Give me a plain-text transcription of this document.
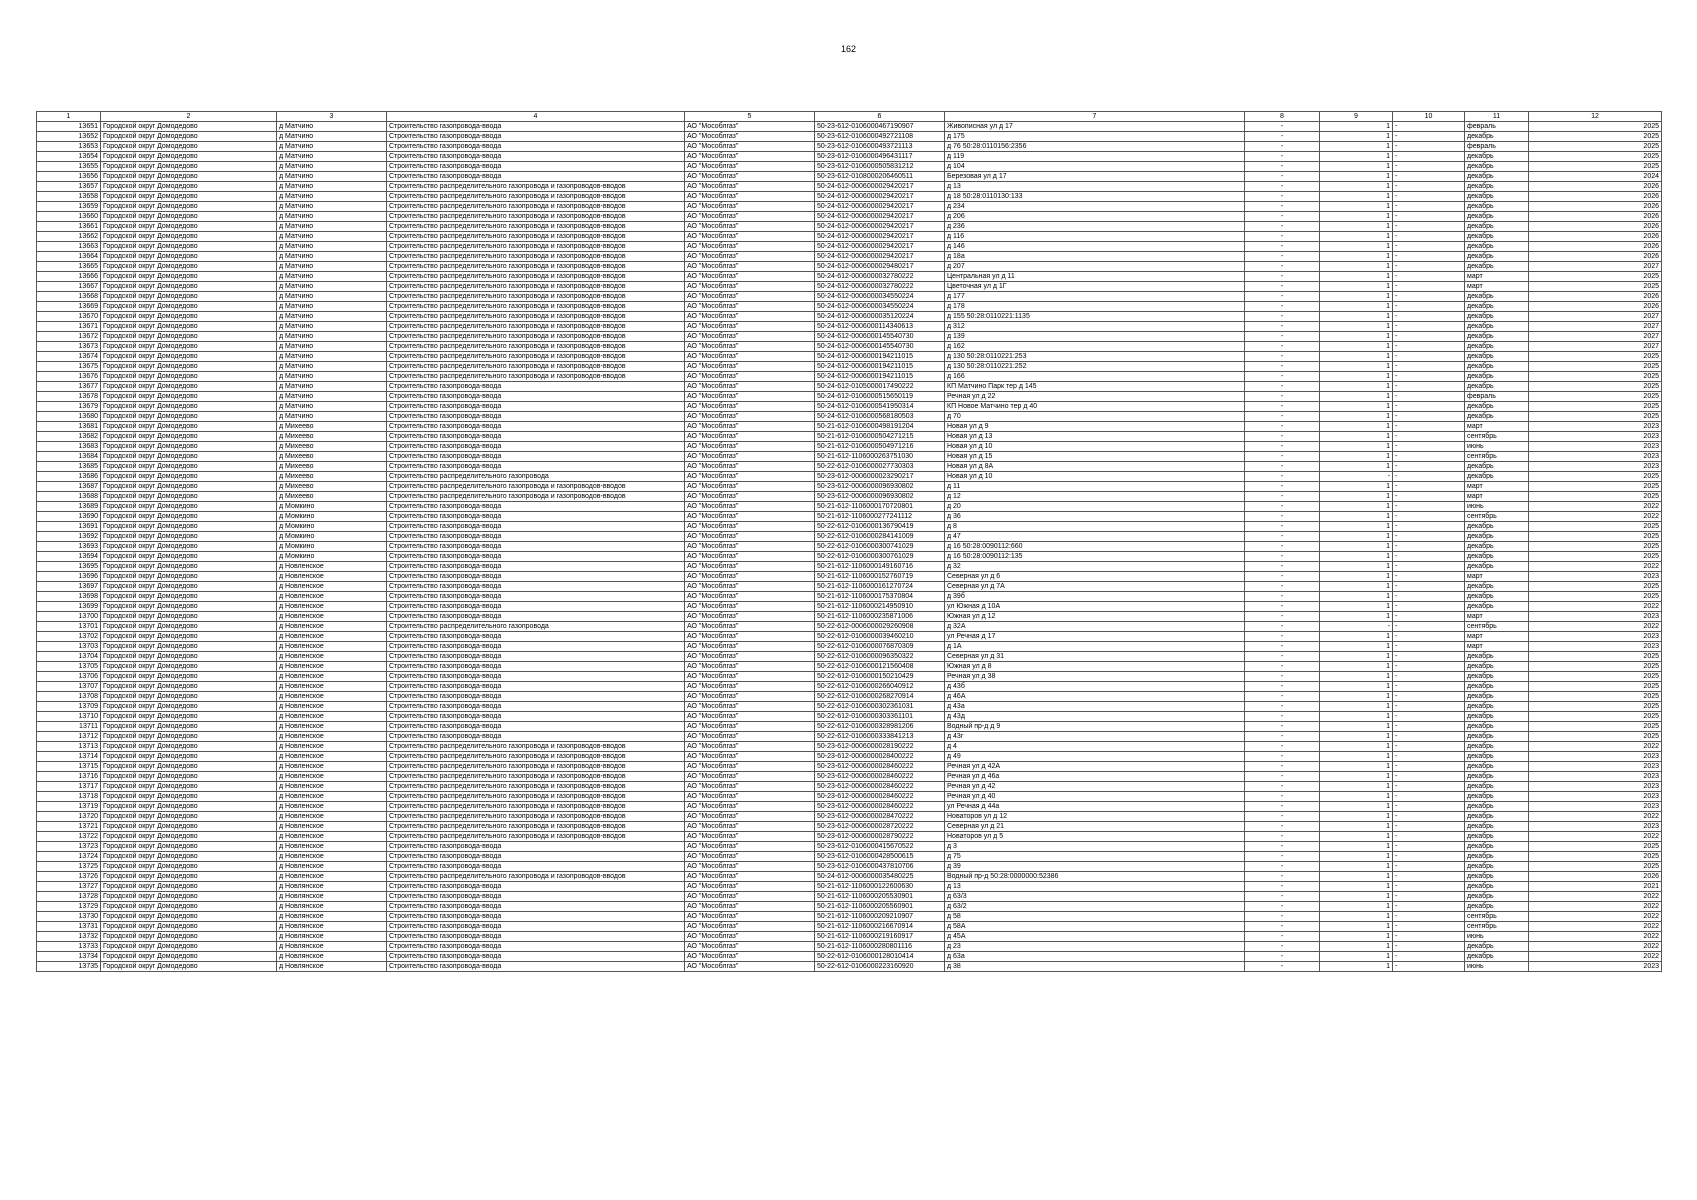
162
1	2	3	4	5	6	7	8	9	10	11	12
13651	Городской округ Домодедово	д Матчино	Строительство газопровода-ввода	АО "Мособлгаз"	50-23-612-0106000467190907	Живописная ул д 17	-	1	-	февраль	2025
13652	Городской округ Домодедово	д Матчино	Строительство газопровода-ввода	АО "Мособлгаз"	50-23-612-0106000492721108	д 175	-	1	-	декабрь	2025
13653	Городской округ Домодедово	д Матчино	Строительство газопровода-ввода	АО "Мособлгаз"	50-23-612-0106000493721113	д 76 50:28:0110156:2356	-	1	-	февраль	2025
13654	Городской округ Домодедово	д Матчино	Строительство газопровода-ввода	АО "Мособлгаз"	50-23-612-0106000496431117	д 119	-	1	-	декабрь	2025
13655	Городской округ Домодедово	д Матчино	Строительство газопровода-ввода	АО "Мособлгаз"	50-23-612-0106000505831212	д 104	-	1	-	декабрь	2025
13656	Городской округ Домодедово	д Матчино	Строительство газопровода-ввода	АО "Мособлгаз"	50-23-612-0108000206460511	Березовая ул д 17	-	1	-	декабрь	2024
13657	Городской округ Домодедово	д Матчино	Строительство распределительного газопровода и газопроводов-вводов	АО "Мособлгаз"	50-24-612-0006000029420217	д 13	-	1	-	декабрь	2026
13658	Городской округ Домодедово	д Матчино	Строительство распределительного газопровода и газопроводов-вводов	АО "Мособлгаз"	50-24-612-0006000029420217	д 18 50:28:0110130:133	-	1	-	декабрь	2026
13659	Городской округ Домодедово	д Матчино	Строительство распределительного газопровода и газопроводов-вводов	АО "Мособлгаз"	50-24-612-0006000029420217	д 234	-	1	-	декабрь	2026
13660	Городской округ Домодедово	д Матчино	Строительство распределительного газопровода и газопроводов-вводов	АО "Мособлгаз"	50-24-612-0006000029420217	д 206	-	1	-	декабрь	2026
13661	Городской округ Домодедово	д Матчино	Строительство распределительного газопровода и газопроводов-вводов	АО "Мособлгаз"	50-24-612-0006000029420217	д 236	-	1	-	декабрь	2026
13662	Городской округ Домодедово	д Матчино	Строительство распределительного газопровода и газопроводов-вводов	АО "Мособлгаз"	50-24-612-0006000029420217	д 116	-	1	-	декабрь	2026
13663	Городской округ Домодедово	д Матчино	Строительство распределительного газопровода и газопроводов-вводов	АО "Мособлгаз"	50-24-612-0006000029420217	д 146	-	1	-	декабрь	2026
13664	Городской округ Домодедово	д Матчино	Строительство распределительного газопровода и газопроводов-вводов	АО "Мособлгаз"	50-24-612-0006000029420217	д 18а	-	1	-	декабрь	2026
13665	Городской округ Домодедово	д Матчино	Строительство распределительного газопровода и газопроводов-вводов	АО "Мособлгаз"	50-24-612-0006000029480217	д 207	-	1	-	декабрь	2027
13666	Городской округ Домодедово	д Матчино	Строительство распределительного газопровода и газопроводов-вводов	АО "Мособлгаз"	50-24-612-0006000032780222	Центральная ул д 11	-	1	-	март	2025
13667	Городской округ Домодедово	д Матчино	Строительство распределительного газопровода и газопроводов-вводов	АО "Мособлгаз"	50-24-612-0006000032780222	Цветочная ул д 1Г	-	1	-	март	2025
13668	Городской округ Домодедово	д Матчино	Строительство распределительного газопровода и газопроводов-вводов	АО "Мособлгаз"	50-24-612-0006000034550224	д 177	-	1	-	декабрь	2026
13669	Городской округ Домодедово	д Матчино	Строительство распределительного газопровода и газопроводов-вводов	АО "Мособлгаз"	50-24-612-0006000034550224	д 178	-	1	-	декабрь	2026
13670	Городской округ Домодедово	д Матчино	Строительство распределительного газопровода и газопроводов-вводов	АО "Мособлгаз"	50-24-612-0006000035120224	д 155 50:28:0110221:1135	-	1	-	декабрь	2027
13671	Городской округ Домодедово	д Матчино	Строительство распределительного газопровода и газопроводов-вводов	АО "Мособлгаз"	50-24-612-0006000114340613	д 312	-	1	-	декабрь	2027
13672	Городской округ Домодедово	д Матчино	Строительство распределительного газопровода и газопроводов-вводов	АО "Мособлгаз"	50-24-612-0006000145540730	д 139	-	1	-	декабрь	2027
13673	Городской округ Домодедово	д Матчино	Строительство распределительного газопровода и газопроводов-вводов	АО "Мособлгаз"	50-24-612-0006000145540730	д 162	-	1	-	декабрь	2027
13674	Городской округ Домодедово	д Матчино	Строительство распределительного газопровода и газопроводов-вводов	АО "Мособлгаз"	50-24-612-0006000194211015	д 130 50:28:0110221:253	-	1	-	декабрь	2025
13675	Городской округ Домодедово	д Матчино	Строительство распределительного газопровода и газопроводов-вводов	АО "Мособлгаз"	50-24-612-0006000194211015	д 130 50:28:0110221:252	-	1	-	декабрь	2025
13676	Городской округ Домодедово	д Матчино	Строительство распределительного газопровода и газопроводов-вводов	АО "Мособлгаз"	50-24-612-0006000194211015	д 166	-	1	-	декабрь	2025
13677	Городской округ Домодедово	д Матчино	Строительство газопровода-ввода	АО "Мособлгаз"	50-24-612-0105000017490222	КП Матчино Парк тер д 145	-	1	-	декабрь	2025
13678	Городской округ Домодедово	д Матчино	Строительство газопровода-ввода	АО "Мособлгаз"	50-24-612-0106000515650119	Речная ул д 22	-	1	-	февраль	2025
13679	Городской округ Домодедово	д Матчино	Строительство газопровода-ввода	АО "Мособлгаз"	50-24-612-0106000541950314	КП Новое Матчино тер д 40	-	1	-	декабрь	2025
13680	Городской округ Домодедово	д Матчино	Строительство газопровода-ввода	АО "Мособлгаз"	50-24-612-0106000568180503	д 70	-	1	-	декабрь	2025
13681	Городской округ Домодедово	д Михеево	Строительство газопровода-ввода	АО "Мособлгаз"	50-21-612-0106000498191204	Новая ул д 9	-	1	-	март	2023
13682	Городской округ Домодедово	д Михеево	Строительство газопровода-ввода	АО "Мособлгаз"	50-21-612-0106000504271215	Новая ул д 13	-	1	-	сентябрь	2023
13683	Городской округ Домодедово	д Михеево	Строительство газопровода-ввода	АО "Мособлгаз"	50-21-612-0106000504971216	Новая ул д 10	-	1	-	июнь	2023
13684	Городской округ Домодедово	д Михеево	Строительство газопровода-ввода	АО "Мособлгаз"	50-21-612-1106000263751030	Новая ул д 15	-	1	-	сентябрь	2023
13685	Городской округ Домодедово	д Михеево	Строительство газопровода-ввода	АО "Мособлгаз"	50-22-612-0106000027730303	Новая ул д 8А	-	1	-	декабрь	2023
13686	Городской округ Домодедово	д Михеево	Строительство распределительного газопровода	АО "Мособлгаз"	50-23-612-0006000023290217	Новая ул д 10	-	-	-	декабрь	2025
13687	Городской округ Домодедово	д Михеево	Строительство распределительного газопровода и газопроводов-вводов	АО "Мособлгаз"	50-23-612-0006000096930802	д 11	-	1	-	март	2025
13688	Городской округ Домодедово	д Михеево	Строительство распределительного газопровода и газопроводов-вводов	АО "Мособлгаз"	50-23-612-0006000096930802	д 12	-	1	-	март	2025
13689	Городской округ Домодедово	д Момкино	Строительство газопровода-ввода	АО "Мособлгаз"	50-21-612-1106000170720801	д 20	-	1	-	июнь	2022
13690	Городской округ Домодедово	д Момкино	Строительство газопровода-ввода	АО "Мособлгаз"	50-21-612-1106000277241112	д 36	-	1	-	сентябрь	2022
13691	Городской округ Домодедово	д Момкино	Строительство газопровода-ввода	АО "Мособлгаз"	50-22-612-0106000136790419	д 8	-	1	-	декабрь	2025
13692	Городской округ Домодедово	д Момкино	Строительство газопровода-ввода	АО "Мособлгаз"	50-22-612-0106000284141009	д 47	-	1	-	декабрь	2025
13693	Городской округ Домодедово	д Момкино	Строительство газопровода-ввода	АО "Мособлгаз"	50-22-612-0106000300741029	д 16 50:28:0090112:660	-	1	-	декабрь	2025
13694	Городской округ Домодедово	д Момкино	Строительство газопровода-ввода	АО "Мособлгаз"	50-22-612-0106000300761029	д 16 50:28:0090112:135	-	1	-	декабрь	2025
13695	Городской округ Домодедово	д Новленское	Строительство газопровода-ввода	АО "Мособлгаз"	50-21-612-1106000149160716	д 32	-	1	-	декабрь	2022
13696	Городской округ Домодедово	д Новленское	Строительство газопровода-ввода	АО "Мособлгаз"	50-21-612-1106000152760719	Северная ул д 6	-	1	-	март	2023
13697	Городской округ Домодедово	д Новленское	Строительство газопровода-ввода	АО "Мособлгаз"	50-21-612-1106000161270724	Северная ул д 7А	-	1	-	декабрь	2025
13698	Городской округ Домодедово	д Новленское	Строительство газопровода-ввода	АО "Мособлгаз"	50-21-612-1106000175370804	д 39б	-	1	-	декабрь	2025
13699	Городской округ Домодедово	д Новленское	Строительство газопровода-ввода	АО "Мособлгаз"	50-21-612-1106000214950910	ул Южная д 10А	-	1	-	декабрь	2022
13700	Городской округ Домодедово	д Новленское	Строительство газопровода-ввода	АО "Мособлгаз"	50-21-612-1106000235871006	Южная ул д 12	-	1	-	март	2023
13701	Городской округ Домодедово	д Новленское	Строительство распределительного газопровода	АО "Мособлгаз"	50-22-612-0006000029260908	д 32А	-	-	-	сентябрь	2022
13702	Городской округ Домодедово	д Новленское	Строительство газопровода-ввода	АО "Мособлгаз"	50-22-612-0106000039460210	ул Речная д 17	-	1	-	март	2023
13703	Городской округ Домодедово	д Новленское	Строительство газопровода-ввода	АО "Мособлгаз"	50-22-612-0106000076870309	д 1А	-	1	-	март	2023
13704	Городской округ Домодедово	д Новленское	Строительство газопровода-ввода	АО "Мособлгаз"	50-22-612-0106000096350322	Северная ул д 31	-	1	-	декабрь	2025
13705	Городской округ Домодедово	д Новленское	Строительство газопровода-ввода	АО "Мособлгаз"	50-22-612-0106000121560408	Южная ул д 8	-	1	-	декабрь	2025
13706	Городской округ Домодедово	д Новленское	Строительство газопровода-ввода	АО "Мособлгаз"	50-22-612-0106000150210429	Речная ул д 38	-	1	-	декабрь	2025
13707	Городской округ Домодедово	д Новленское	Строительство газопровода-ввода	АО "Мособлгаз"	50-22-612-0106000266040912	д 43б	-	1	-	декабрь	2025
13708	Городской округ Домодедово	д Новленское	Строительство газопровода-ввода	АО "Мособлгаз"	50-22-612-0106000268270914	д 46А	-	1	-	декабрь	2025
13709	Городской округ Домодедово	д Новленское	Строительство газопровода-ввода	АО "Мособлгаз"	50-22-612-0106000302361031	д 43а	-	1	-	декабрь	2025
13710	Городской округ Домодедово	д Новленское	Строительство газопровода-ввода	АО "Мособлгаз"	50-22-612-0106000303361101	д 43д	-	1	-	декабрь	2025
13711	Городской округ Домодедово	д Новленское	Строительство газопровода-ввода	АО "Мособлгаз"	50-22-612-0106000328981206	Водный пр-д д 9	-	1	-	декабрь	2025
13712	Городской округ Домодедово	д Новленское	Строительство газопровода-ввода	АО "Мособлгаз"	50-22-612-0106000333841213	д 43г	-	1	-	декабрь	2025
13713	Городской округ Домодедово	д Новленское	Строительство распределительного газопровода и газопроводов-вводов	АО "Мособлгаз"	50-23-612-0006000028190222	д 4	-	1	-	декабрь	2022
13714	Городской округ Домодедово	д Новленское	Строительство распределительного газопровода и газопроводов-вводов	АО "Мособлгаз"	50-23-612-0006000028400222	д 49	-	1	-	декабрь	2023
13715	Городской округ Домодедово	д Новленское	Строительство распределительного газопровода и газопроводов-вводов	АО "Мособлгаз"	50-23-612-0006000028460222	Речная ул д 42А	-	1	-	декабрь	2023
13716	Городской округ Домодедово	д Новленское	Строительство распределительного газопровода и газопроводов-вводов	АО "Мособлгаз"	50-23-612-0006000028460222	Речная ул д 46а	-	1	-	декабрь	2023
13717	Городской округ Домодедово	д Новленское	Строительство распределительного газопровода и газопроводов-вводов	АО "Мособлгаз"	50-23-612-0006000028460222	Речная ул д 42	-	1	-	декабрь	2023
13718	Городской округ Домодедово	д Новленское	Строительство распределительного газопровода и газопроводов-вводов	АО "Мособлгаз"	50-23-612-0006000028460222	Речная ул д 40	-	1	-	декабрь	2023
13719	Городской округ Домодедово	д Новленское	Строительство распределительного газопровода и газопроводов-вводов	АО "Мособлгаз"	50-23-612-0006000028460222	ул Речная д 44а	-	1	-	декабрь	2023
13720	Городской округ Домодедово	д Новленское	Строительство распределительного газопровода и газопроводов-вводов	АО "Мособлгаз"	50-23-612-0006000028470222	Новаторов ул д 12	-	1	-	декабрь	2022
13721	Городской округ Домодедово	д Новленское	Строительство распределительного газопровода и газопроводов-вводов	АО "Мособлгаз"	50-23-612-0006000028720222	Северная ул д 21	-	1	-	декабрь	2023
13722	Городской округ Домодедово	д Новленское	Строительство распределительного газопровода и газопроводов-вводов	АО "Мособлгаз"	50-23-612-0006000028790222	Новаторов ул д 5	-	1	-	декабрь	2022
13723	Городской округ Домодедово	д Новленское	Строительство газопровода-ввода	АО "Мособлгаз"	50-23-612-0106000415670522	д 3	-	1	-	декабрь	2025
13724	Городской округ Домодедово	д Новленское	Строительство газопровода-ввода	АО "Мособлгаз"	50-23-612-0106000428500615	д 75	-	1	-	декабрь	2025
13725	Городской округ Домодедово	д Новленское	Строительство газопровода-ввода	АО "Мособлгаз"	50-23-612-0106000437810706	д 39	-	1	-	декабрь	2025
13726	Городской округ Домодедово	д Новленское	Строительство распределительного газопровода и газопроводов-вводов	АО "Мособлгаз"	50-24-612-0006000035480225	Водный пр-д 50:28:0000000:52386	-	1	-	декабрь	2026
13727	Городской округ Домодедово	д Новлянское	Строительство газопровода-ввода	АО "Мособлгаз"	50-21-612-1106000122600630	д 13	-	1	-	декабрь	2021
13728	Городской округ Домодедово	д Новлянское	Строительство газопровода-ввода	АО "Мособлгаз"	50-21-612-1106000205530901	д 63/3	-	1	-	декабрь	2022
13729	Городской округ Домодедово	д Новлянское	Строительство газопровода-ввода	АО "Мособлгаз"	50-21-612-1106000205560901	д 63/2	-	1	-	декабрь	2022
13730	Городской округ Домодедово	д Новлянское	Строительство газопровода-ввода	АО "Мособлгаз"	50-21-612-1106000209210907	д 58	-	1	-	сентябрь	2022
13731	Городской округ Домодедово	д Новлянское	Строительство газопровода-ввода	АО "Мособлгаз"	50-21-612-1106000216670914	д 58А	-	1	-	сентябрь	2022
13732	Городской округ Домодедово	д Новлянское	Строительство газопровода-ввода	АО "Мособлгаз"	50-21-612-1106000219160917	д 45А	-	1	-	июнь	2022
13733	Городской округ Домодедово	д Новлянское	Строительство газопровода-ввода	АО "Мособлгаз"	50-21-612-1106000280801116	д 23	-	1	-	декабрь	2022
13734	Городской округ Домодедово	д Новлянское	Строительство газопровода-ввода	АО "Мособлгаз"	50-22-612-0106000128010414	д 63а	-	1	-	декабрь	2022
13735	Городской округ Домодедово	д Новлянское	Строительство газопровода-ввода	АО "Мособлгаз"	50-22-612-0106000223160920	д 38	-	1	-	июнь	2023
